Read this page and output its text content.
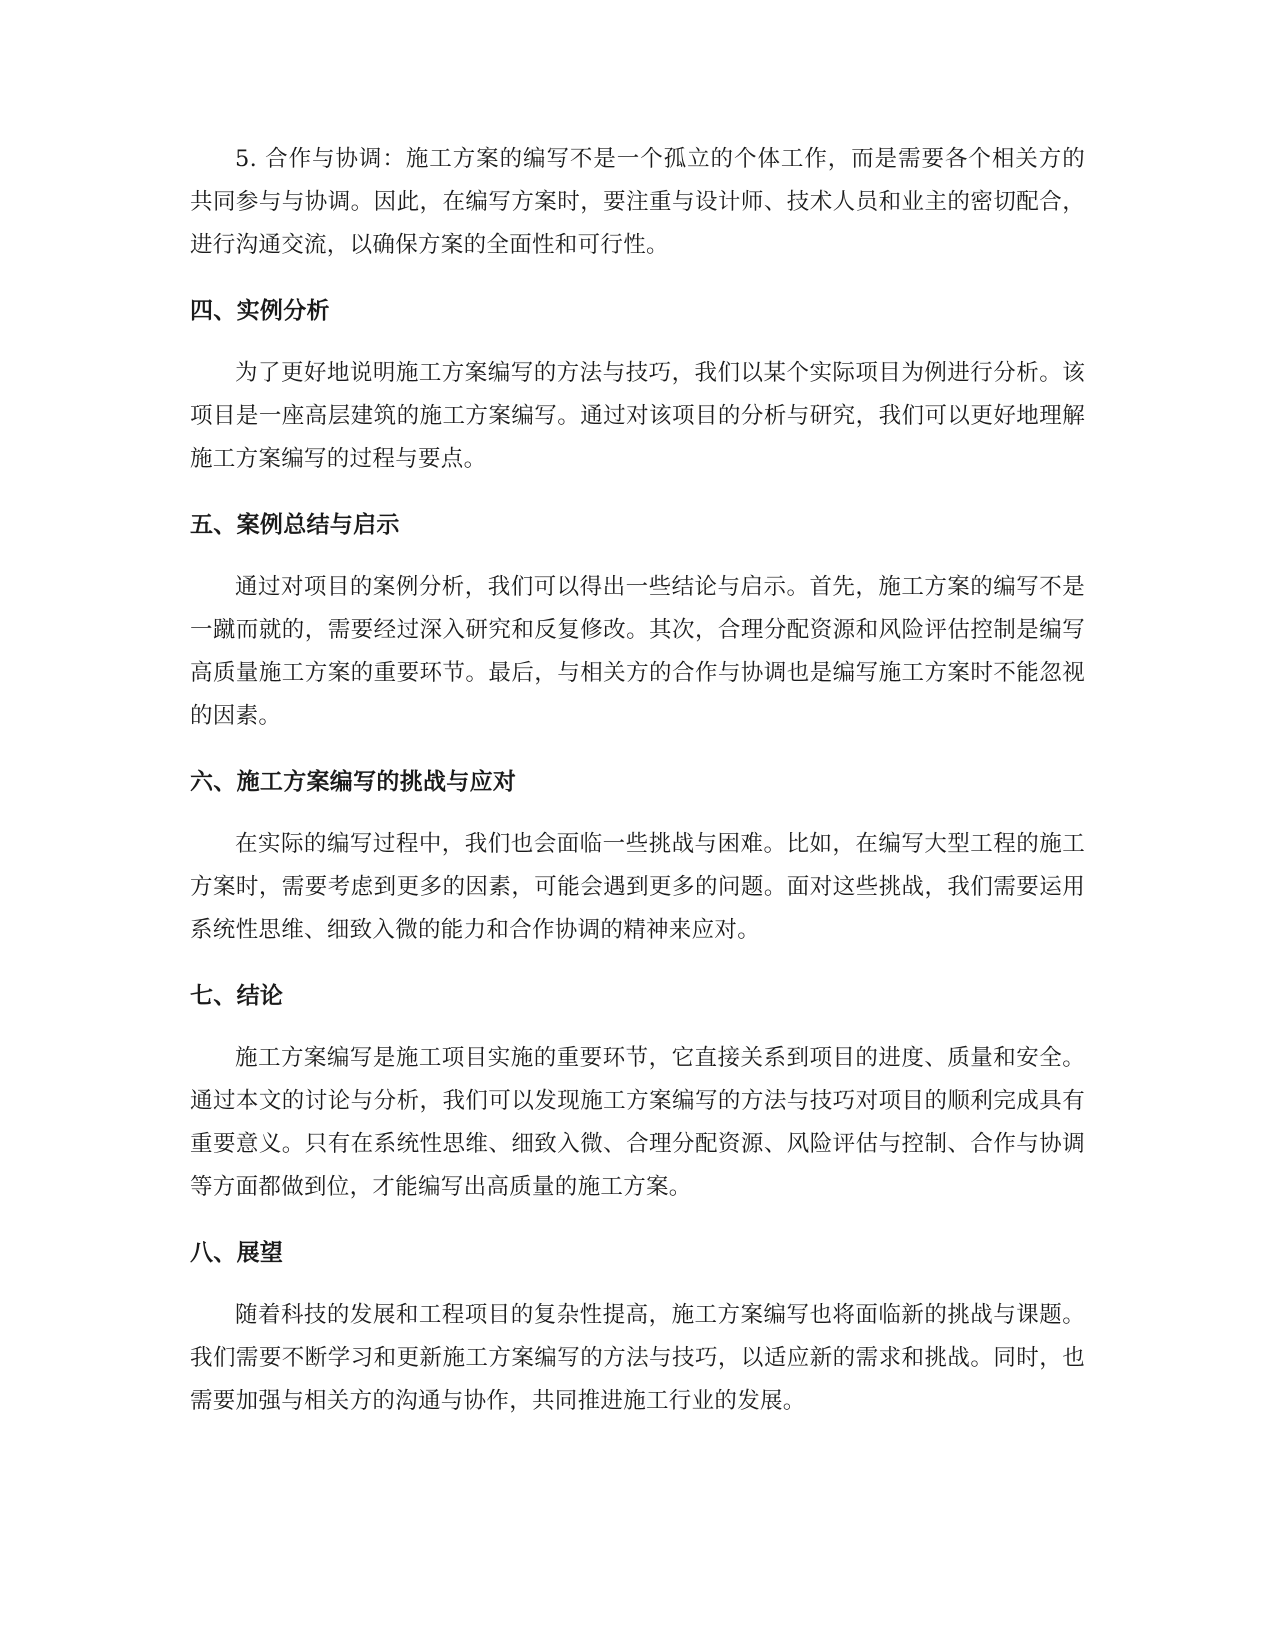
5. 合作与协调：施工方案的编写不是一个孤立的个体工作，而是需要各个相关方的共同参与与协调。因此，在编写方案时，要注重与设计师、技术人员和业主的密切配合，进行沟通交流，以确保方案的全面性和可行性。

四、实例分析

为了更好地说明施工方案编写的方法与技巧，我们以某个实际项目为例进行分析。该项目是一座高层建筑的施工方案编写。通过对该项目的分析与研究，我们可以更好地理解施工方案编写的过程与要点。

五、案例总结与启示

通过对项目的案例分析，我们可以得出一些结论与启示。首先，施工方案的编写不是一蹴而就的，需要经过深入研究和反复修改。其次，合理分配资源和风险评估控制是编写高质量施工方案的重要环节。最后，与相关方的合作与协调也是编写施工方案时不能忽视的因素。

六、施工方案编写的挑战与应对

在实际的编写过程中，我们也会面临一些挑战与困难。比如，在编写大型工程的施工方案时，需要考虑到更多的因素，可能会遇到更多的问题。面对这些挑战，我们需要运用系统性思维、细致入微的能力和合作协调的精神来应对。

七、结论

施工方案编写是施工项目实施的重要环节，它直接关系到项目的进度、质量和安全。通过本文的讨论与分析，我们可以发现施工方案编写的方法与技巧对项目的顺利完成具有重要意义。只有在系统性思维、细致入微、合理分配资源、风险评估与控制、合作与协调等方面都做到位，才能编写出高质量的施工方案。

八、展望

随着科技的发展和工程项目的复杂性提高，施工方案编写也将面临新的挑战与课题。我们需要不断学习和更新施工方案编写的方法与技巧，以适应新的需求和挑战。同时，也需要加强与相关方的沟通与协作，共同推进施工行业的发展。
